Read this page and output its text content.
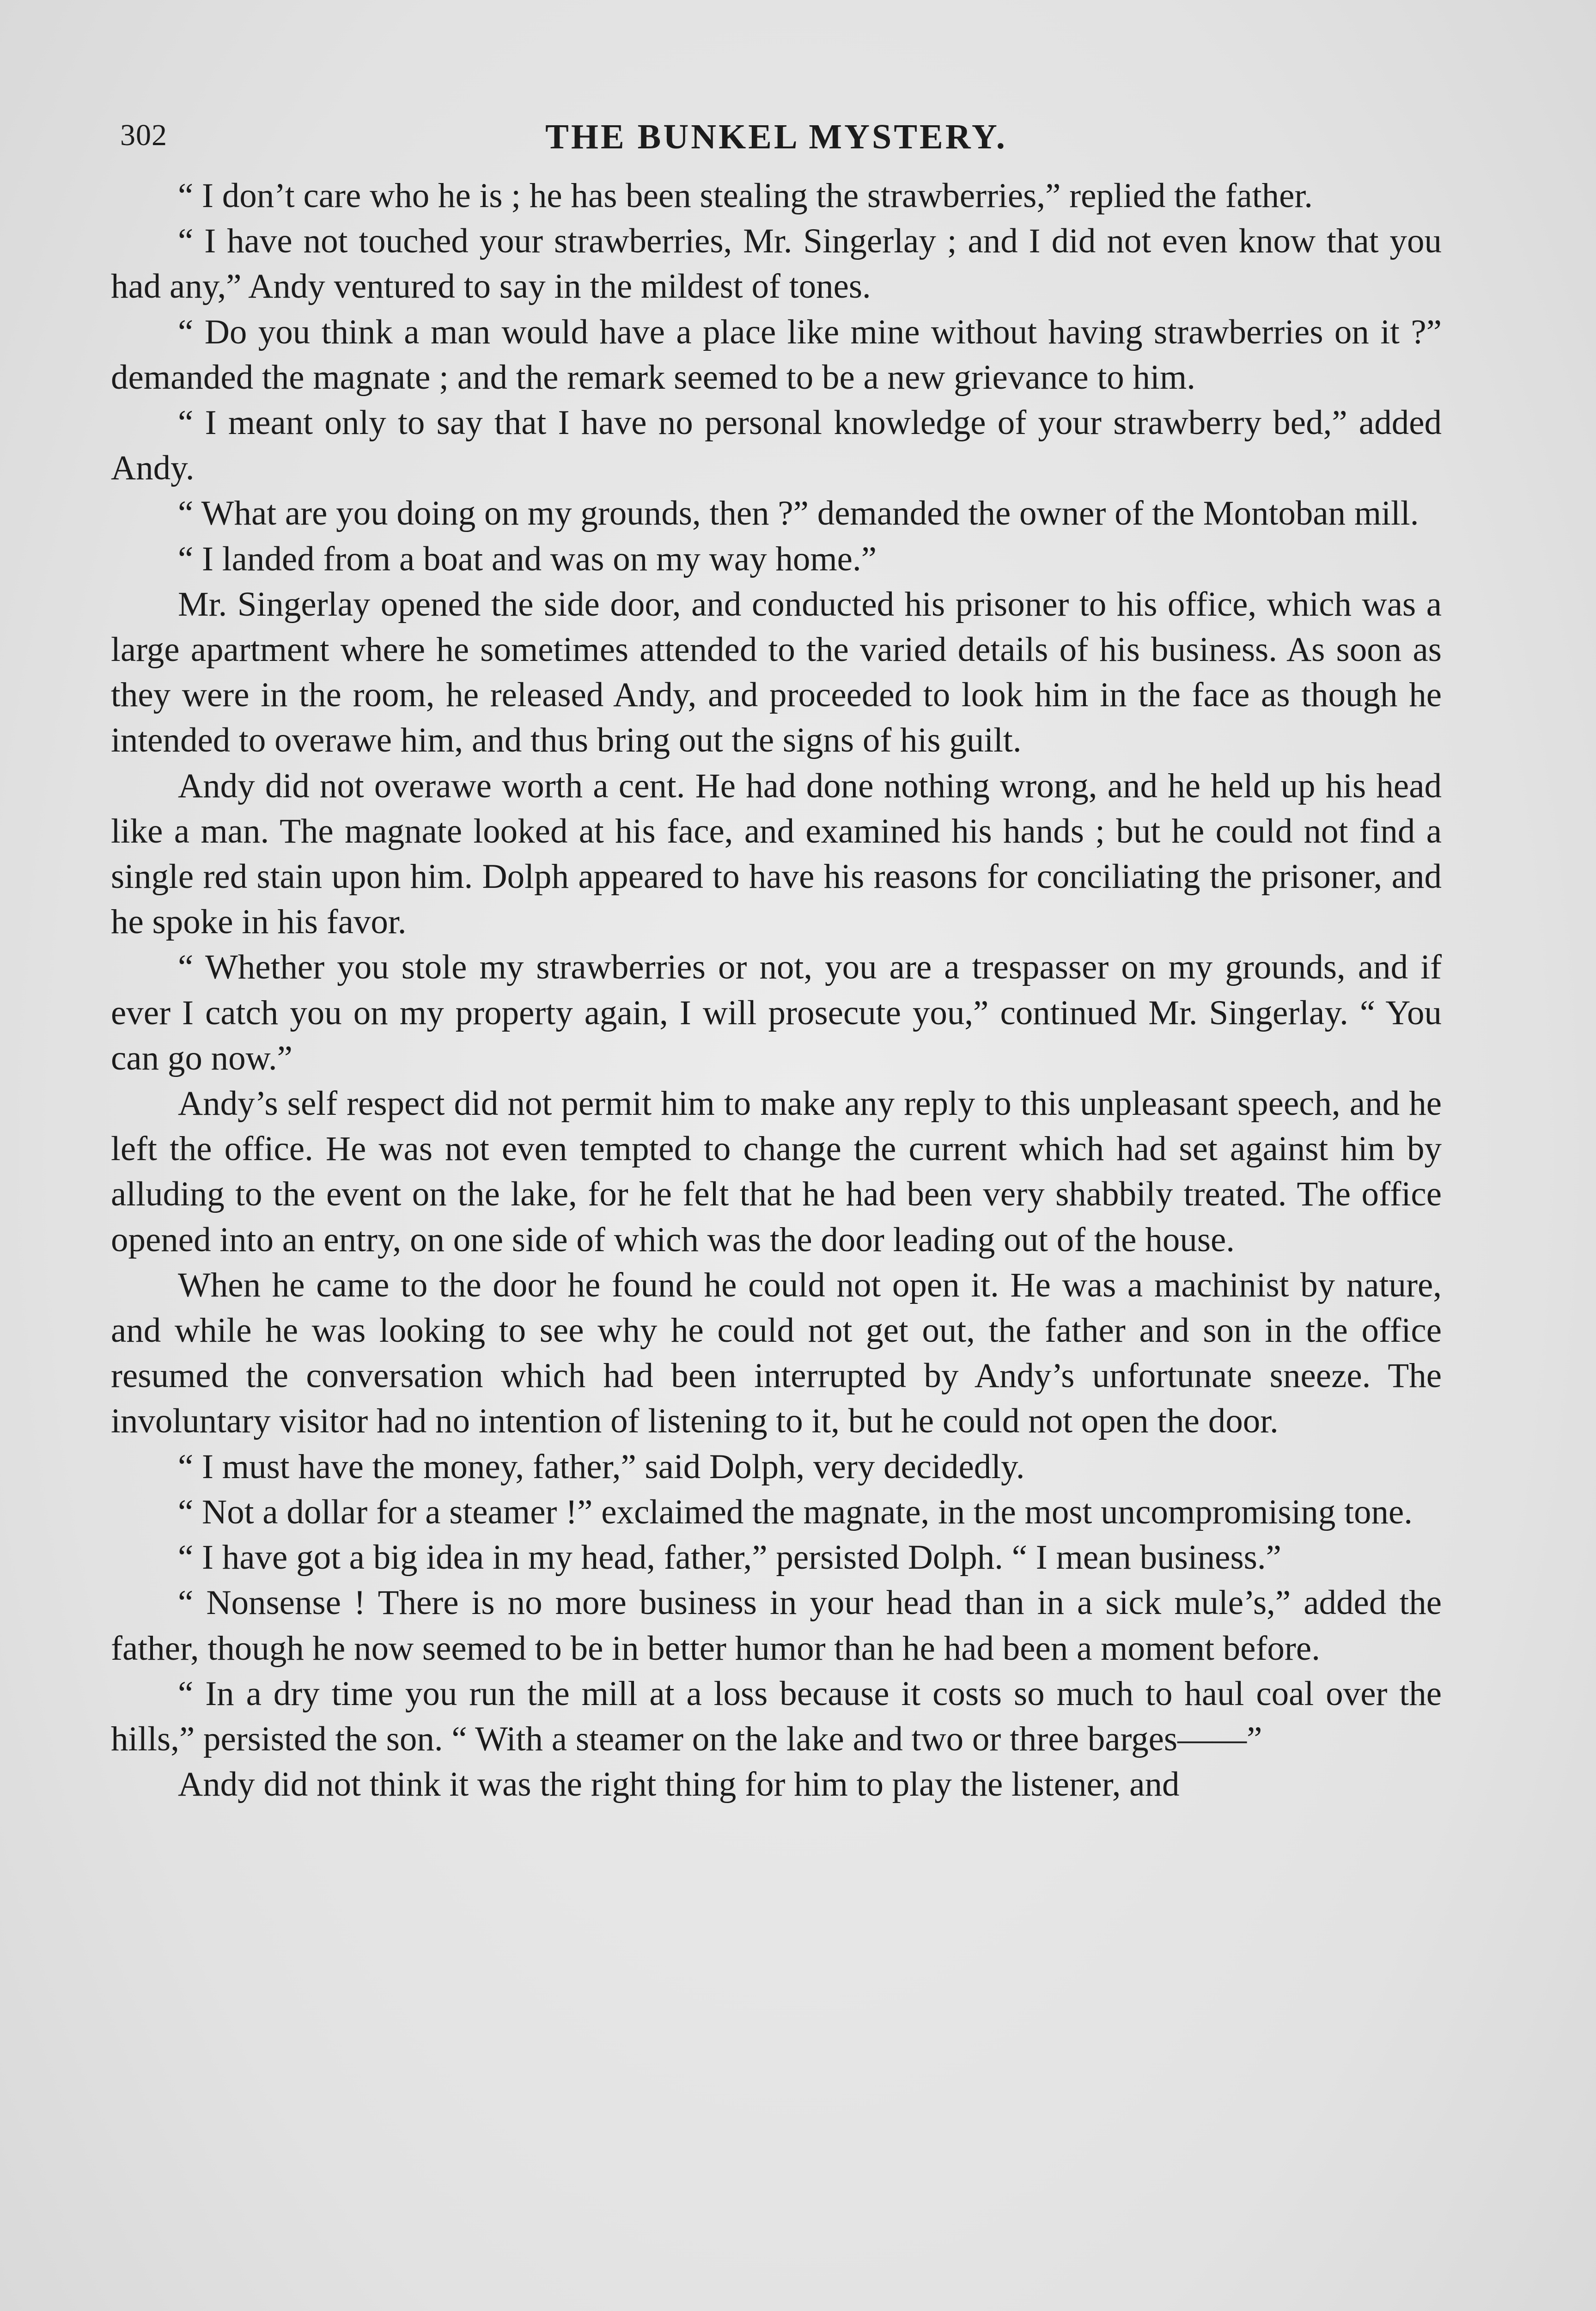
302	THE BUNKEL MYSTERY.

“ I don’t care who he is ; he has been stealing the strawberries,” replied the father.

“ I have not touched your strawberries, Mr. Singerlay ; and I did not even know that you had any,” Andy ventured to say in the mildest of tones.

“ Do you think a man would have a place like mine without having strawberries on it ?” demanded the magnate ; and the remark seemed to be a new grievance to him.

“ I meant only to say that I have no personal knowledge of your strawberry bed,” added Andy.

“ What are you doing on my grounds, then ?” demanded the owner of the Montoban mill.

“ I landed from a boat and was on my way home.”

Mr. Singerlay opened the side door, and conducted his prisoner to his office, which was a large apartment where he sometimes attended to the varied details of his business. As soon as they were in the room, he released Andy, and proceeded to look him in the face as though he intended to overawe him, and thus bring out the signs of his guilt.

Andy did not overawe worth a cent. He had done nothing wrong, and he held up his head like a man. The magnate looked at his face, and examined his hands ; but he could not find a single red stain upon him. Dolph appeared to have his reasons for conciliating the prisoner, and he spoke in his favor.

“ Whether you stole my strawberries or not, you are a trespasser on my grounds, and if ever I catch you on my property again, I will prosecute you,” continued Mr. Singerlay. “ You can go now.”

Andy’s self respect did not permit him to make any reply to this unpleasant speech, and he left the office. He was not even tempted to change the current which had set against him by alluding to the event on the lake, for he felt that he had been very shabbily treated. The office opened into an entry, on one side of which was the door leading out of the house.

When he came to the door he found he could not open it. He was a machinist by nature, and while he was looking to see why he could not get out, the father and son in the office resumed the conversation which had been interrupted by Andy’s unfortunate sneeze. The involuntary visitor had no intention of listening to it, but he could not open the door.

“ I must have the money, father,” said Dolph, very decidedly.

“ Not a dollar for a steamer !” exclaimed the magnate, in the most uncompromising tone.

“ I have got a big idea in my head, father,” persisted Dolph. “ I mean business.”

“ Nonsense ! There is no more business in your head than in a sick mule’s,” added the father, though he now seemed to be in better humor than he had been a moment before.

“ In a dry time you run the mill at a loss because it costs so much to haul coal over the hills,” persisted the son. “ With a steamer on the lake and two or three barges——”

Andy did not think it was the right thing for him to play the listener, and
